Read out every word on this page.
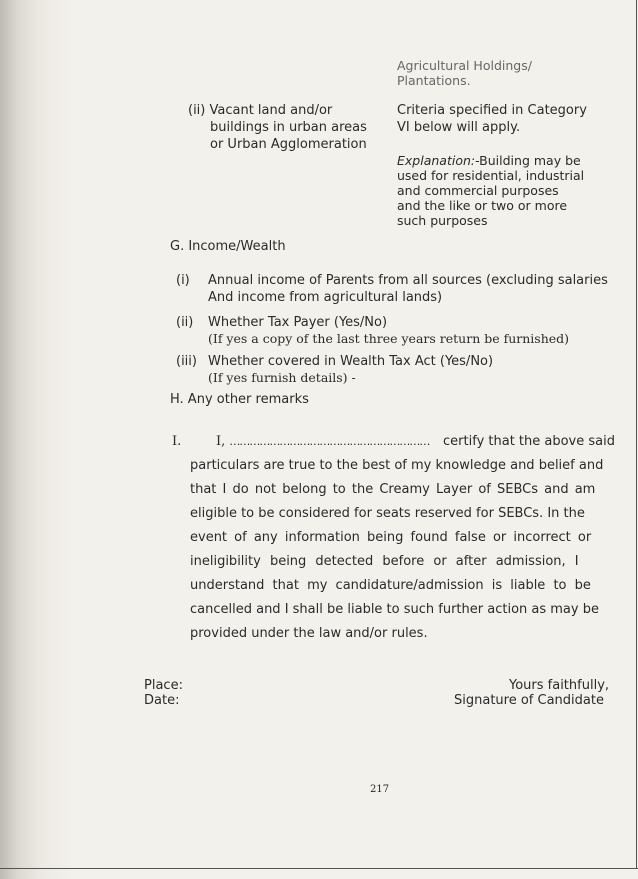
Agricultural Holdings/
Plantations.
(ii) Vacant land and/or
buildings in urban areas
or Urban Agglomeration
Criteria specified in Category
VI below will apply.
Explanation:-Building may be
used for residential, industrial
and commercial purposes
and the like or two or more
such purposes
G. Income/Wealth
(i) Annual income of Parents from all sources (excluding salaries
And income from agricultural lands)
(ii) Whether Tax Payer (Yes/No)
(If yes a copy of the last three years return be furnished)
(iii) Whether covered in Wealth Tax Act (Yes/No)
(If yes furnish details) -
H. Any other remarks
I.	I, …………………………………………………… certify that the above said
particulars are true to the best of my knowledge and belief and
that I do not belong to the Creamy Layer of SEBCs and am
eligible to be considered for seats reserved for SEBCs. In the
event of any information being found false or incorrect or
ineligibility being detected before or after admission, I
understand that my candidature/admission is liable to be
cancelled and I shall be liable to such further action as may be
provided under the law and/or rules.
Place:
Date:
Yours faithfully,
Signature of Candidate
217
